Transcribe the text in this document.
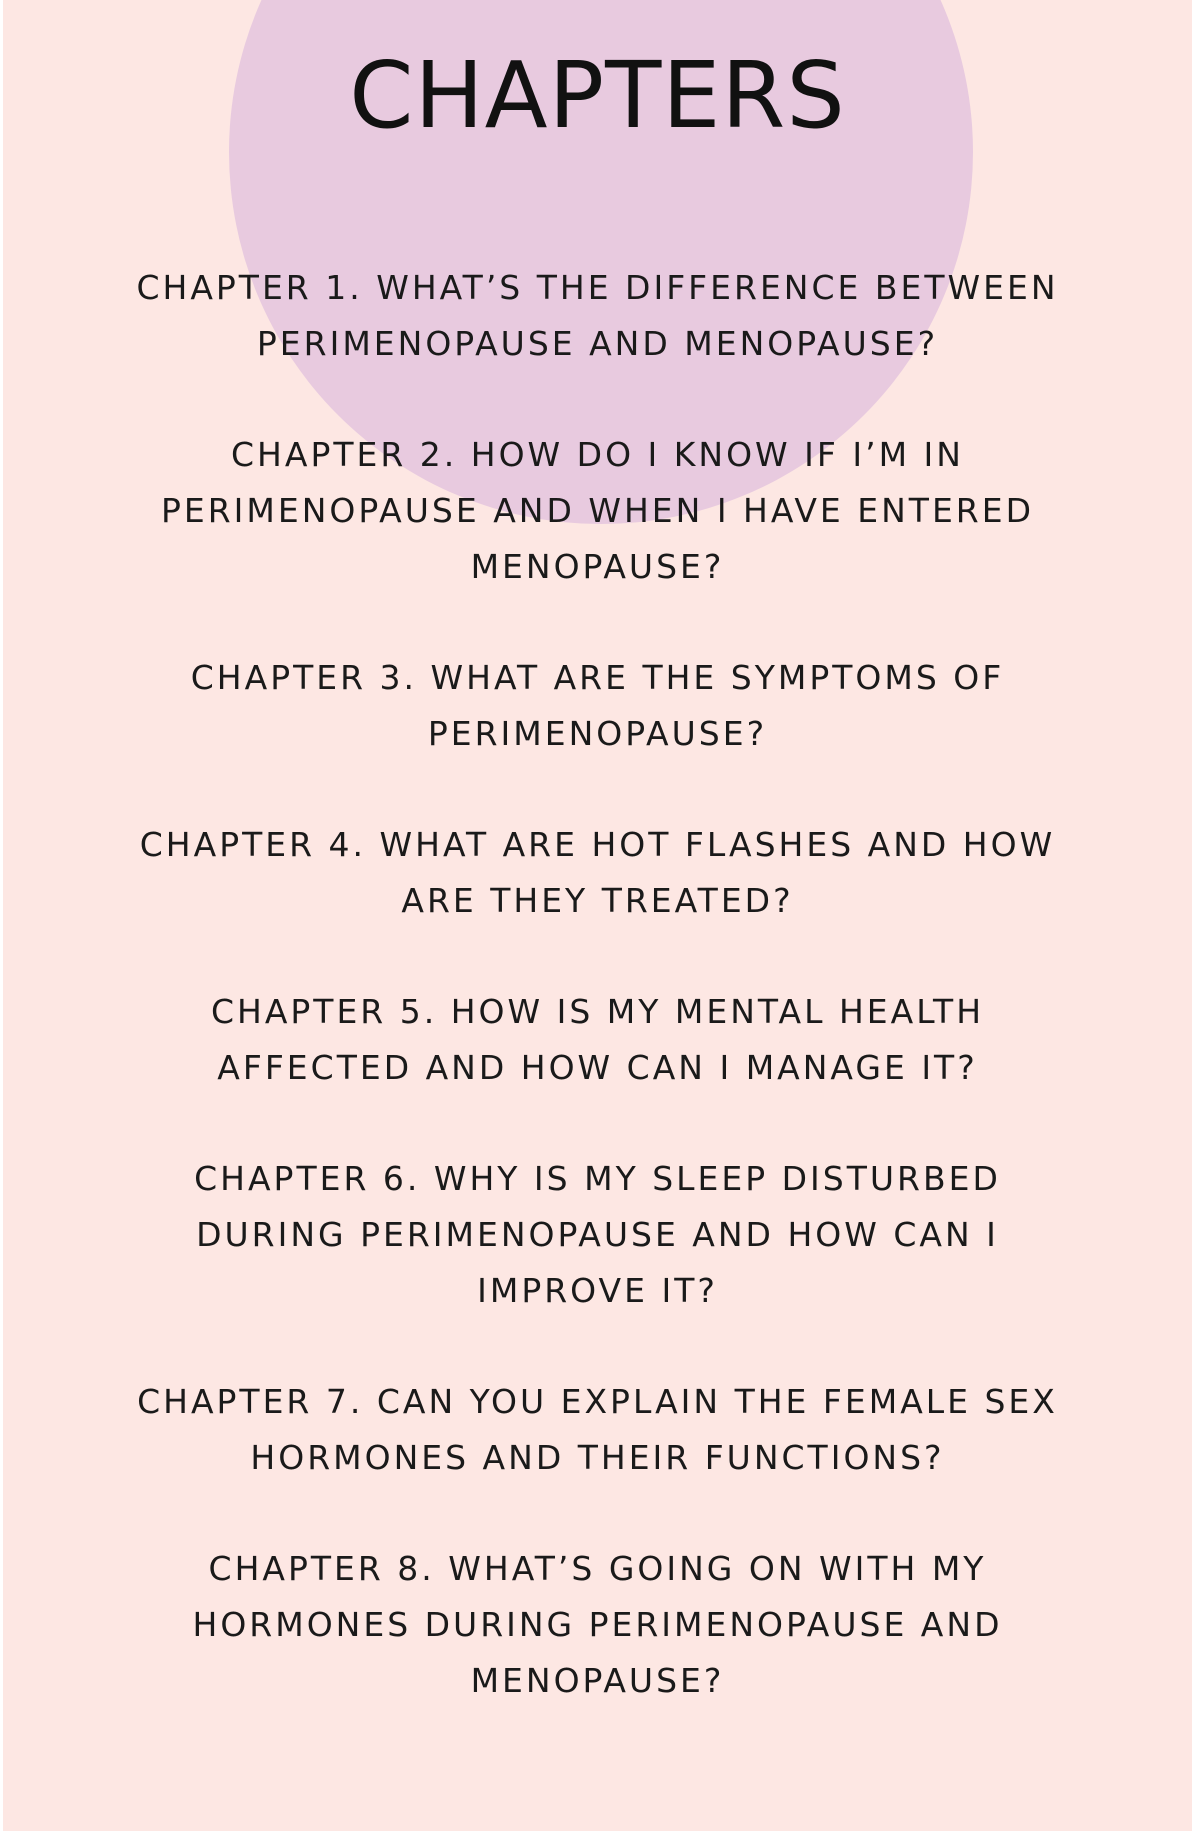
CHAPTERS
CHAPTER 1. WHAT’S THE DIFFERENCE BETWEEN
PERIMENOPAUSE AND MENOPAUSE?
CHAPTER 2. HOW DO I KNOW IF I’M IN
PERIMENOPAUSE AND WHEN I HAVE ENTERED
MENOPAUSE?
CHAPTER 3. WHAT ARE THE SYMPTOMS OF
PERIMENOPAUSE?
CHAPTER 4. WHAT ARE HOT FLASHES AND HOW
ARE THEY TREATED?
CHAPTER 5. HOW IS MY MENTAL HEALTH
AFFECTED AND HOW CAN I MANAGE IT?
CHAPTER 6. WHY IS MY SLEEP DISTURBED
DURING PERIMENOPAUSE AND HOW CAN I
IMPROVE IT?
CHAPTER 7. CAN YOU EXPLAIN THE FEMALE SEX
HORMONES AND THEIR FUNCTIONS?
CHAPTER 8. WHAT’S GOING ON WITH MY
HORMONES DURING PERIMENOPAUSE AND
MENOPAUSE?
